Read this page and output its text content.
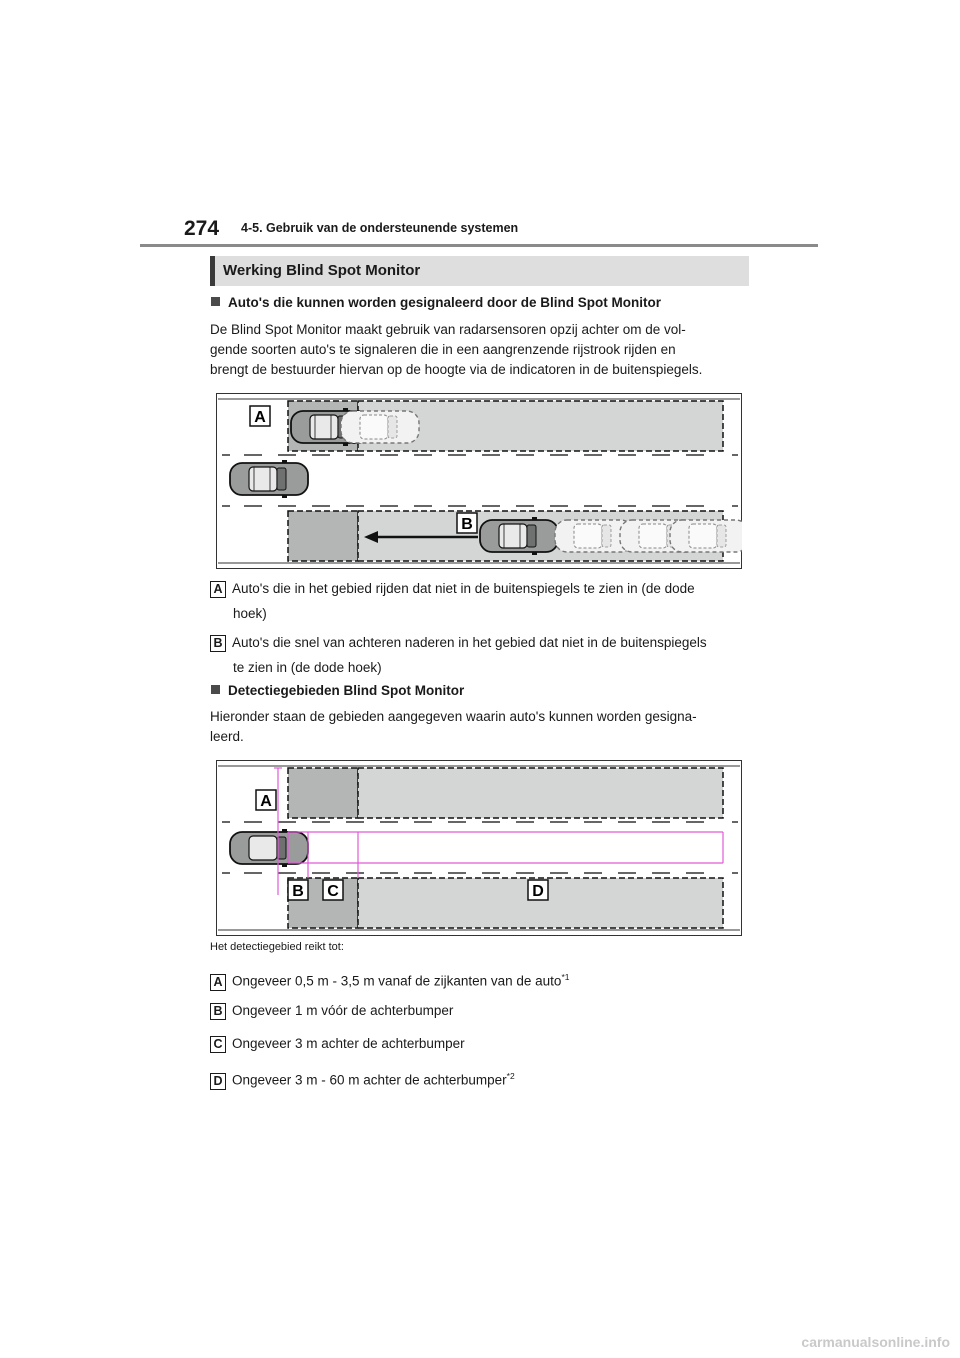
274 4-5. Gebruik van de ondersteunende systemen
Werking Blind Spot Monitor
Auto's die kunnen worden gesignaleerd door de Blind Spot Monitor
De Blind Spot Monitor maakt gebruik van radarsensoren opzij achter om de vol-
gende soorten auto's te signaleren die in een aangrenzende rijstrook rijden en
brengt de bestuurder hiervan op de hoogte via de indicatoren in de buitenspiegels.
A
B
A Auto's die in het gebied rijden dat niet in de buitenspiegels te zien in (de dode
hoek)
B Auto's die snel van achteren naderen in het gebied dat niet in de buitenspiegels
te zien in (de dode hoek)
Detectiegebieden Blind Spot Monitor
Hieronder staan de gebieden aangegeven waarin auto's kunnen worden gesigna-
leerd.
A
B C	D
Het detectiegebied reikt tot:
A Ongeveer 0,5 m - 3,5 m vanaf de zijkanten van de auto$^{*1}$
B Ongeveer 1 m vóór de achterbumper
C Ongeveer 3 m achter de achterbumper
D Ongeveer 3 m - 60 m achter de achterbumper$^{*2}$
carmanualsonline.info
